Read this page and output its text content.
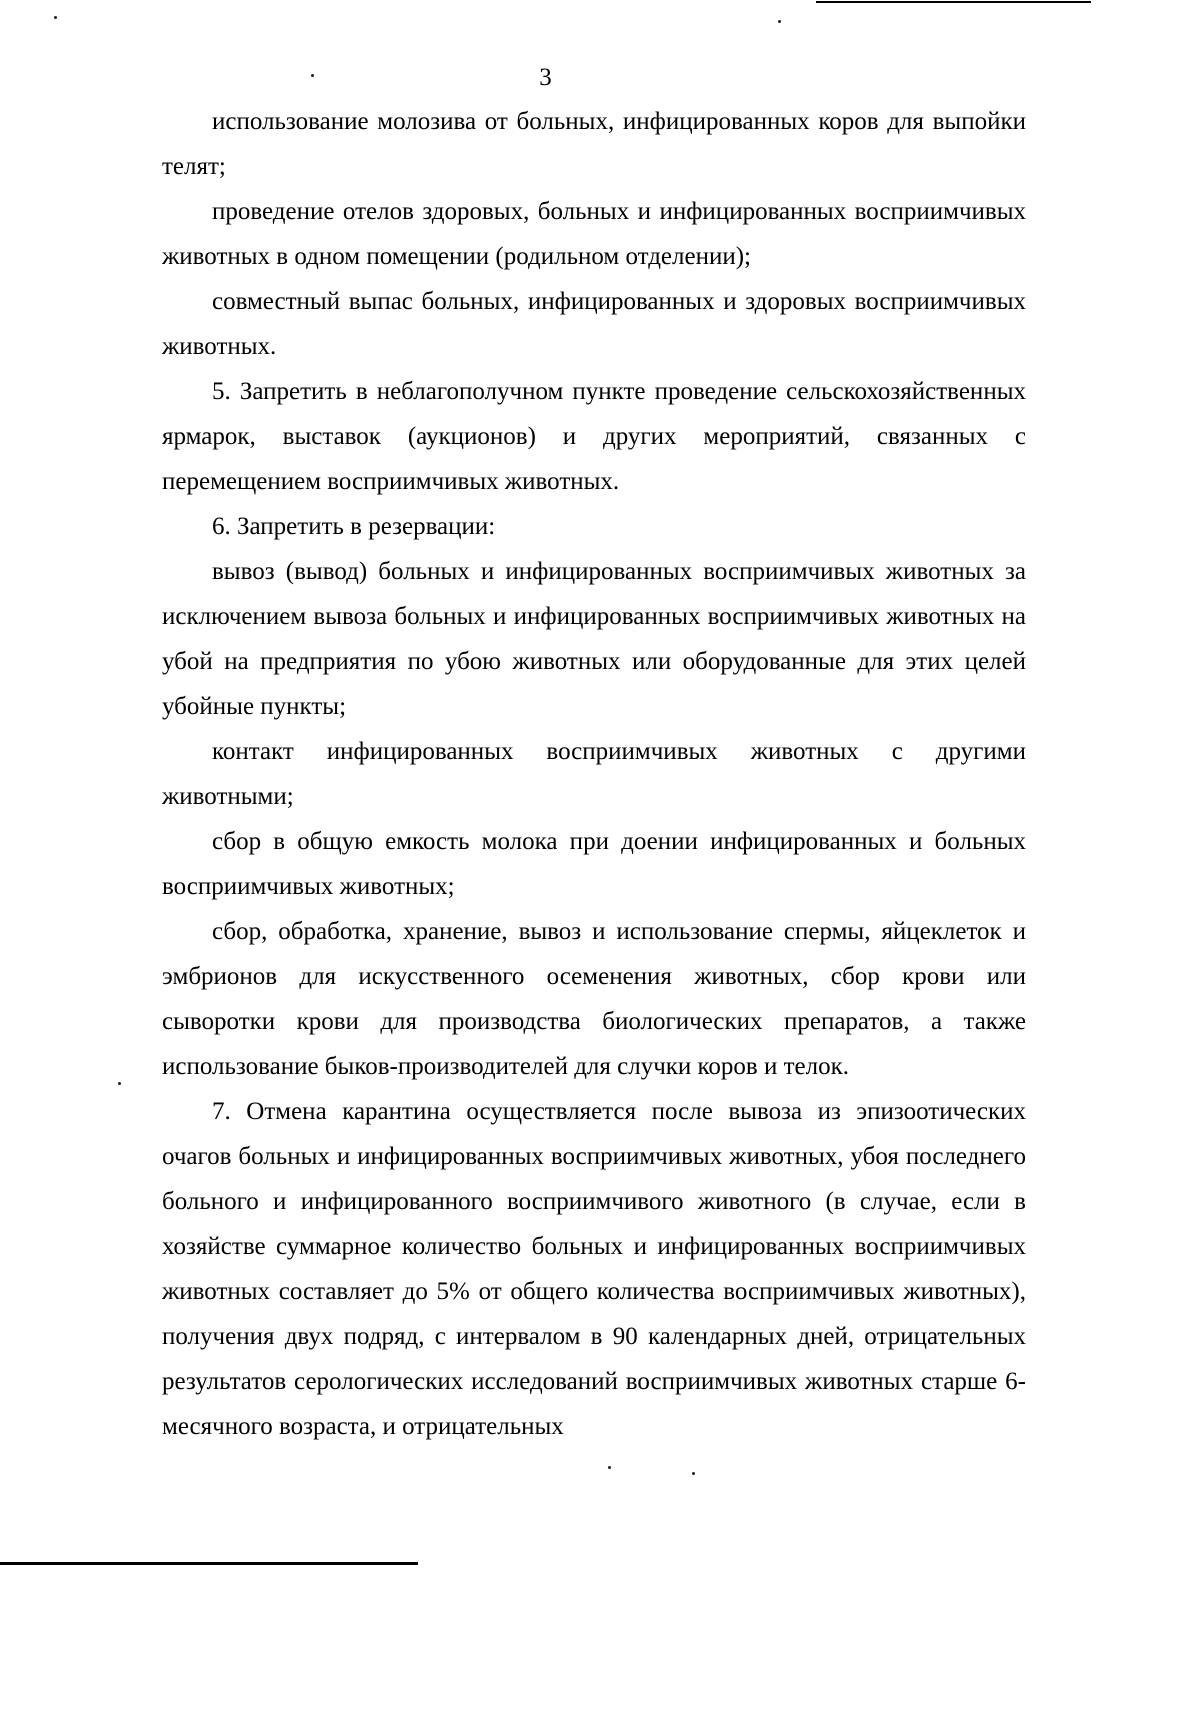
3

использование молозива от больных, инфицированных коров для выпойки телят;

проведение отелов здоровых, больных и инфицированных восприимчивых животных в одном помещении (родильном отделении);

совместный выпас больных, инфицированных и здоровых восприимчивых животных.

5. Запретить в неблагополучном пункте проведение сельскохозяйственных ярмарок, выставок (аукционов) и других мероприятий, связанных с перемещением восприимчивых животных.

6. Запретить в резервации:

вывоз (вывод) больных и инфицированных восприимчивых животных за исключением вывоза больных и инфицированных восприимчивых животных на убой на предприятия по убою животных или оборудованные для этих целей убойные пункты;

контакт инфицированных восприимчивых животных с другими животными;

сбор в общую емкость молока при доении инфицированных и больных восприимчивых животных;

сбор, обработка, хранение, вывоз и использование спермы, яйцеклеток и эмбрионов для искусственного осеменения животных, сбор крови или сыворотки крови для производства биологических препаратов, а также использование быков-производителей для случки коров и телок.

7. Отмена карантина осуществляется после вывоза из эпизоотических очагов больных и инфицированных восприимчивых животных, убоя последнего больного и инфицированного восприимчивого животного (в случае, если в хозяйстве суммарное количество больных и инфицированных восприимчивых животных составляет до 5% от общего количества восприимчивых животных), получения двух подряд, с интервалом в 90 календарных дней, отрицательных результатов серологических исследований восприимчивых животных старше 6-месячного возраста, и отрицательных
